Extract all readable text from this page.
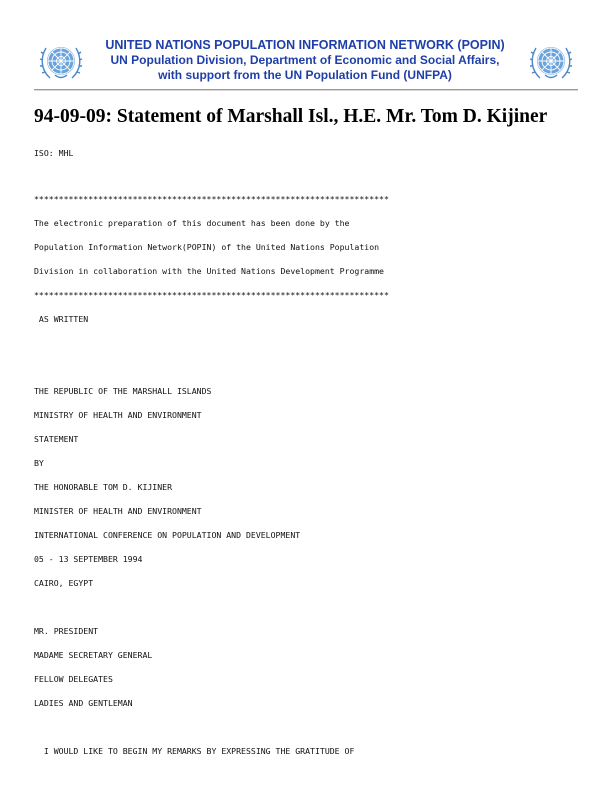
UNITED NATIONS POPULATION INFORMATION NETWORK (POPIN)
UN Population Division, Department of Economic and Social Affairs,
with support from the UN Population Fund (UNFPA)
94-09-09: Statement of Marshall Isl., H.E. Mr. Tom D. Kijiner
ISO: MHL
************************************************************************
The electronic preparation of this document has been done by the
Population Information Network(POPIN) of the United Nations Population
Division in collaboration with the United Nations Development Programme
************************************************************************
AS WRITTEN
THE REPUBLIC OF THE MARSHALL ISLANDS
MINISTRY OF HEALTH AND ENVIRONMENT
STATEMENT
BY
THE HONORABLE TOM D. KIJINER
MINISTER OF HEALTH AND ENVIRONMENT
INTERNATIONAL CONFERENCE ON POPULATION AND DEVELOPMENT
05 - 13 SEPTEMBER 1994
CAIRO, EGYPT
MR. PRESIDENT
MADAME SECRETARY GENERAL
FELLOW DELEGATES
LADIES AND GENTLEMAN
I WOULD LIKE TO BEGIN MY REMARKS BY EXPRESSING THE GRATITUDE OF
